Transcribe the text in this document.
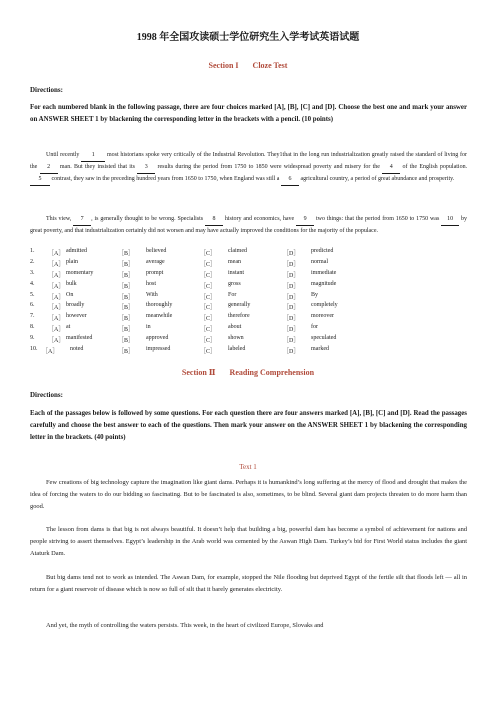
1998 年全国攻读硕士学位研究生入学考试英语试题
Section I Cloze Test
Directions:
For each numbered blank in the following passage, there are four choices marked [A], [B], [C] and [D]. Choose the best one and mark your answer on ANSWER SHEET 1 by blackening the corresponding letter in the brackets with a pencil. (10 points)
Until recently 1 most historians spoke very critically of the Industrial Revolution. They1that in the long run industrialization greatly raised the standard of living for the 2 man. But they insisted that its 3 results during the period from 1750 to 1850 were widespread poverty and misery for the 4 of the English population. 5 contrast, they saw in the preceding hundred years from 1650 to 1750, when England was still a 6 agricultural country, a period of great abundance and prosperity.
This view, 7 , is generally thought to be wrong. Specialists 8 history and economics, have 9 two things: that the period from 1650 to 1750 was 10 by great poverty, and that industrialization certainly did not worsen and may have actually improved the conditions for the majority of the populace.
1. ［A］ admitted	［B］ believed	［C］ claimed	［D］ predicted
2. ［A］ plain	［B］ average	［C］ mean	［D］ normal
3. ［A］ momentary	［B］ prompt	［C］ instant	［D］ immediate
4. ［A］ bulk	［B］ host	［C］ gross	［D］ magnitude
5. ［A］ On	［B］ With	［C］ For	［D］ By
6. ［A］ broadly	［B］ thoroughly	［C］ generally	［D］ completely
7. ［A］ however	［B］ meanwhile	［C］ therefore	［D］ moreover
8. ［A］ at	［B］ in	［C］ about	［D］ for
9. ［A］ manifested	［B］ approved	［C］ shown	［D］ speculated
10. ［A］ noted	［B］ impressed	［C］ labeled	［D］ marked
Section Ⅱ Reading Comprehension
Directions:
Each of the passages below is followed by some questions. For each question there are four answers marked [A], [B], [C] and [D]. Read the passages carefully and choose the best answer to each of the questions. Then mark your answer on the ANSWER SHEET 1 by blackening the corresponding letter in the brackets. (40 points)
Text 1
Few creations of big technology capture the imagination like giant dams. Perhaps it is humankind’s long suffering at the mercy of flood and drought that makes the idea of forcing the waters to do our bidding so fascinating. But to be fascinated is also, sometimes, to be blind. Several giant dam projects threaten to do more harm than good.
The lesson from dams is that big is not always beautiful. It doesn’t help that building a big, powerful dam has become a symbol of achievement for nations and people striving to assert themselves. Egypt’s leadership in the Arab world was cemented by the Aswan High Dam. Turkey’s bid for First World status includes the giant Ataturk Dam.
But big dams tend not to work as intended. The Aswan Dam, for example, stopped the Nile flooding but deprived Egypt of the fertile silt that floods left — all in return for a giant reservoir of disease which is now so full of silt that it barely generates electricity.
And yet, the myth of controlling the waters persists. This week, in the heart of civilized Europe, Slovaks and
